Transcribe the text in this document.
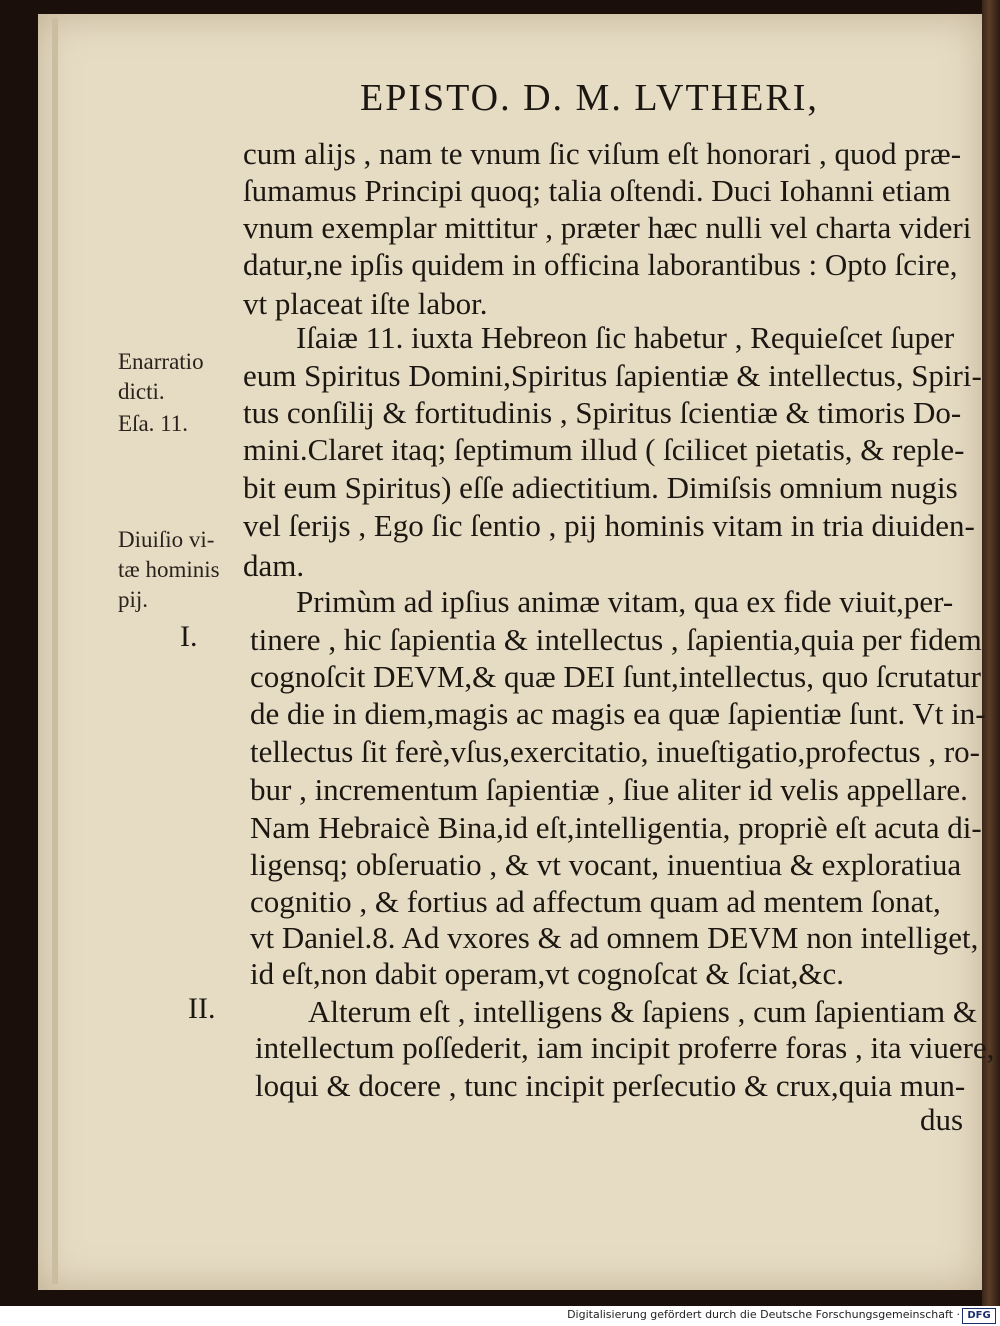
EPISTO. D. M. LVTHERI,
cum alijs , nam te vnum ſic viſum eſt honorari , quod præ-
ſumamus Principi quoq; talia oſtendi. Duci Iohanni etiam
vnum exemplar mittitur , præter hæc nulli vel charta videri
datur,ne ipſis quidem in officina laborantibus : Opto ſcire,
vt placeat iſte labor.
Iſaiæ 11. iuxta Hebreon ſic habetur , Requieſcet ſuper
eum Spiritus Domini,Spiritus ſapientiæ & intellectus, Spiri-
tus conſilij & fortitudinis , Spiritus ſcientiæ & timoris Do-
mini.Claret itaq; ſeptimum illud ( ſcilicet pietatis, & reple-
bit eum Spiritus) eſſe adiectitium. Dimiſsis omnium nugis
vel ſerijs , Ego ſic ſentio , pij hominis vitam in tria diuiden-
dam.
Primùm ad ipſius animæ vitam, qua ex fide viuit,per-
tinere , hic ſapientia & intellectus , ſapientia,quia per fidem
cognoſcit DEVM,& quæ DEI ſunt,intellectus, quo ſcrutatur
de die in diem,magis ac magis ea quæ ſapientiæ ſunt. Vt in-
tellectus ſit ferè,vſus,exercitatio, inueſtigatio,profectus , ro-
bur , incrementum ſapientiæ , ſiue aliter id velis appellare.
Nam Hebraicè Bina,id eſt,intelligentia, propriè eſt acuta di-
ligensq; obſeruatio , & vt vocant, inuentiua & exploratiua
cognitio , & fortius ad affectum quam ad mentem ſonat,
vt Daniel.8. Ad vxores & ad omnem DEVM non intelliget,
id eſt,non dabit operam,vt cognoſcat & ſciat,&c.
Alterum eſt , intelligens & ſapiens , cum ſapientiam &
intellectum poſſederit, iam incipit proferre foras , ita viuere,
loqui & docere , tunc incipit perſecutio & crux,quia mun-
dus
Enarratio
dicti.
Eſa. 11.
Diuiſio vi-
tæ hominis
pij.
I.
II.
Digitalisierung gefördert durch die Deutsche Forschungsgemeinschaft · DFG
